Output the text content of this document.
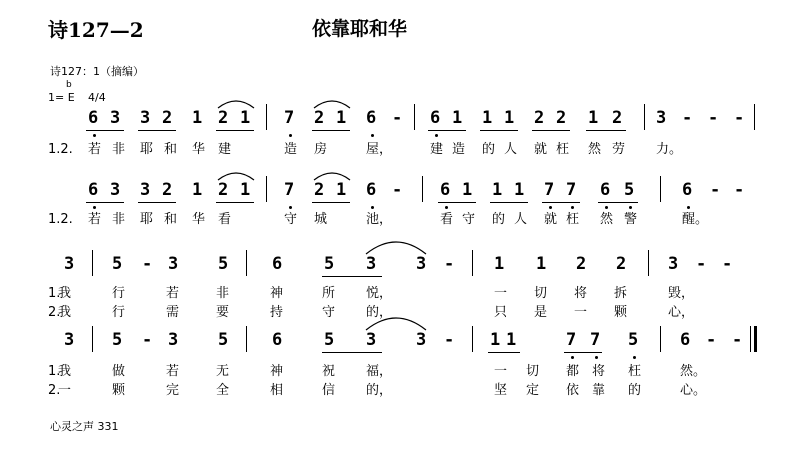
诗127—2	依靠耶和华
诗127：1（摘编）
b
1= E 4/4
6 3 3 2 1 2 1 7 2 1 6 - 6 1 1 1 2 2 1 2 3 - - -
1.2. 若 非 耶 和 华 建	造 房	屋，	建 造 的 人 就 枉 然 劳 力。
6 3 3 2 1 2 1 7 2 1 6 - 6 1 1 1 7 7 6 5	6 - -
1.2. 若 非 耶 和 华 看	守 城	池，	看 守 的 人 就 枉 然 警	醒。
3 5 - 3 5	6 5 3 3 - 1 1 2 2 3 - -
1.
我	行	若	非	神	所 悦，	一 切 将 拆	毁，
2.
我	行	需	要	持	守 的，	只 是 一 颗	心，
3 5 - 3 5	6 5 3 3 - 1 1	7 7 5 6 - -
1.
我	做	若	无	神	祝 福，	一 切 都 将 枉	然。
2.
一	颗	完	全	相	信 的，	坚 定 依 靠 的	心。
心灵之声 331
